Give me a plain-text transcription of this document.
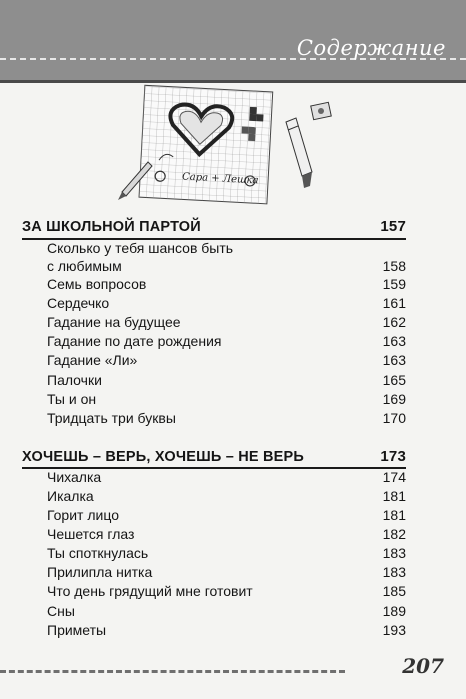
Содержание
Сара + Лешка
ЗА ШКОЛЬНОЙ ПАРТОЙ	157
Сколько у тебя шансов быть
с любимым	158
Семь вопросов	159
Сердечко	161
Гадание на будущее	162
Гадание по дате рождения	163
Гадание «Ли»	163
Палочки	165
Ты и он	169
Тридцать три буквы	170
ХОЧЕШЬ – ВЕРЬ, ХОЧЕШЬ – НЕ ВЕРЬ	173
Чихалка	174
Икалка	181
Горит лицо	181
Чешется глаз	182
Ты споткнулась	183
Прилипла нитка	183
Что день грядущий мне готовит	185
Сны	189
Приметы	193
207
